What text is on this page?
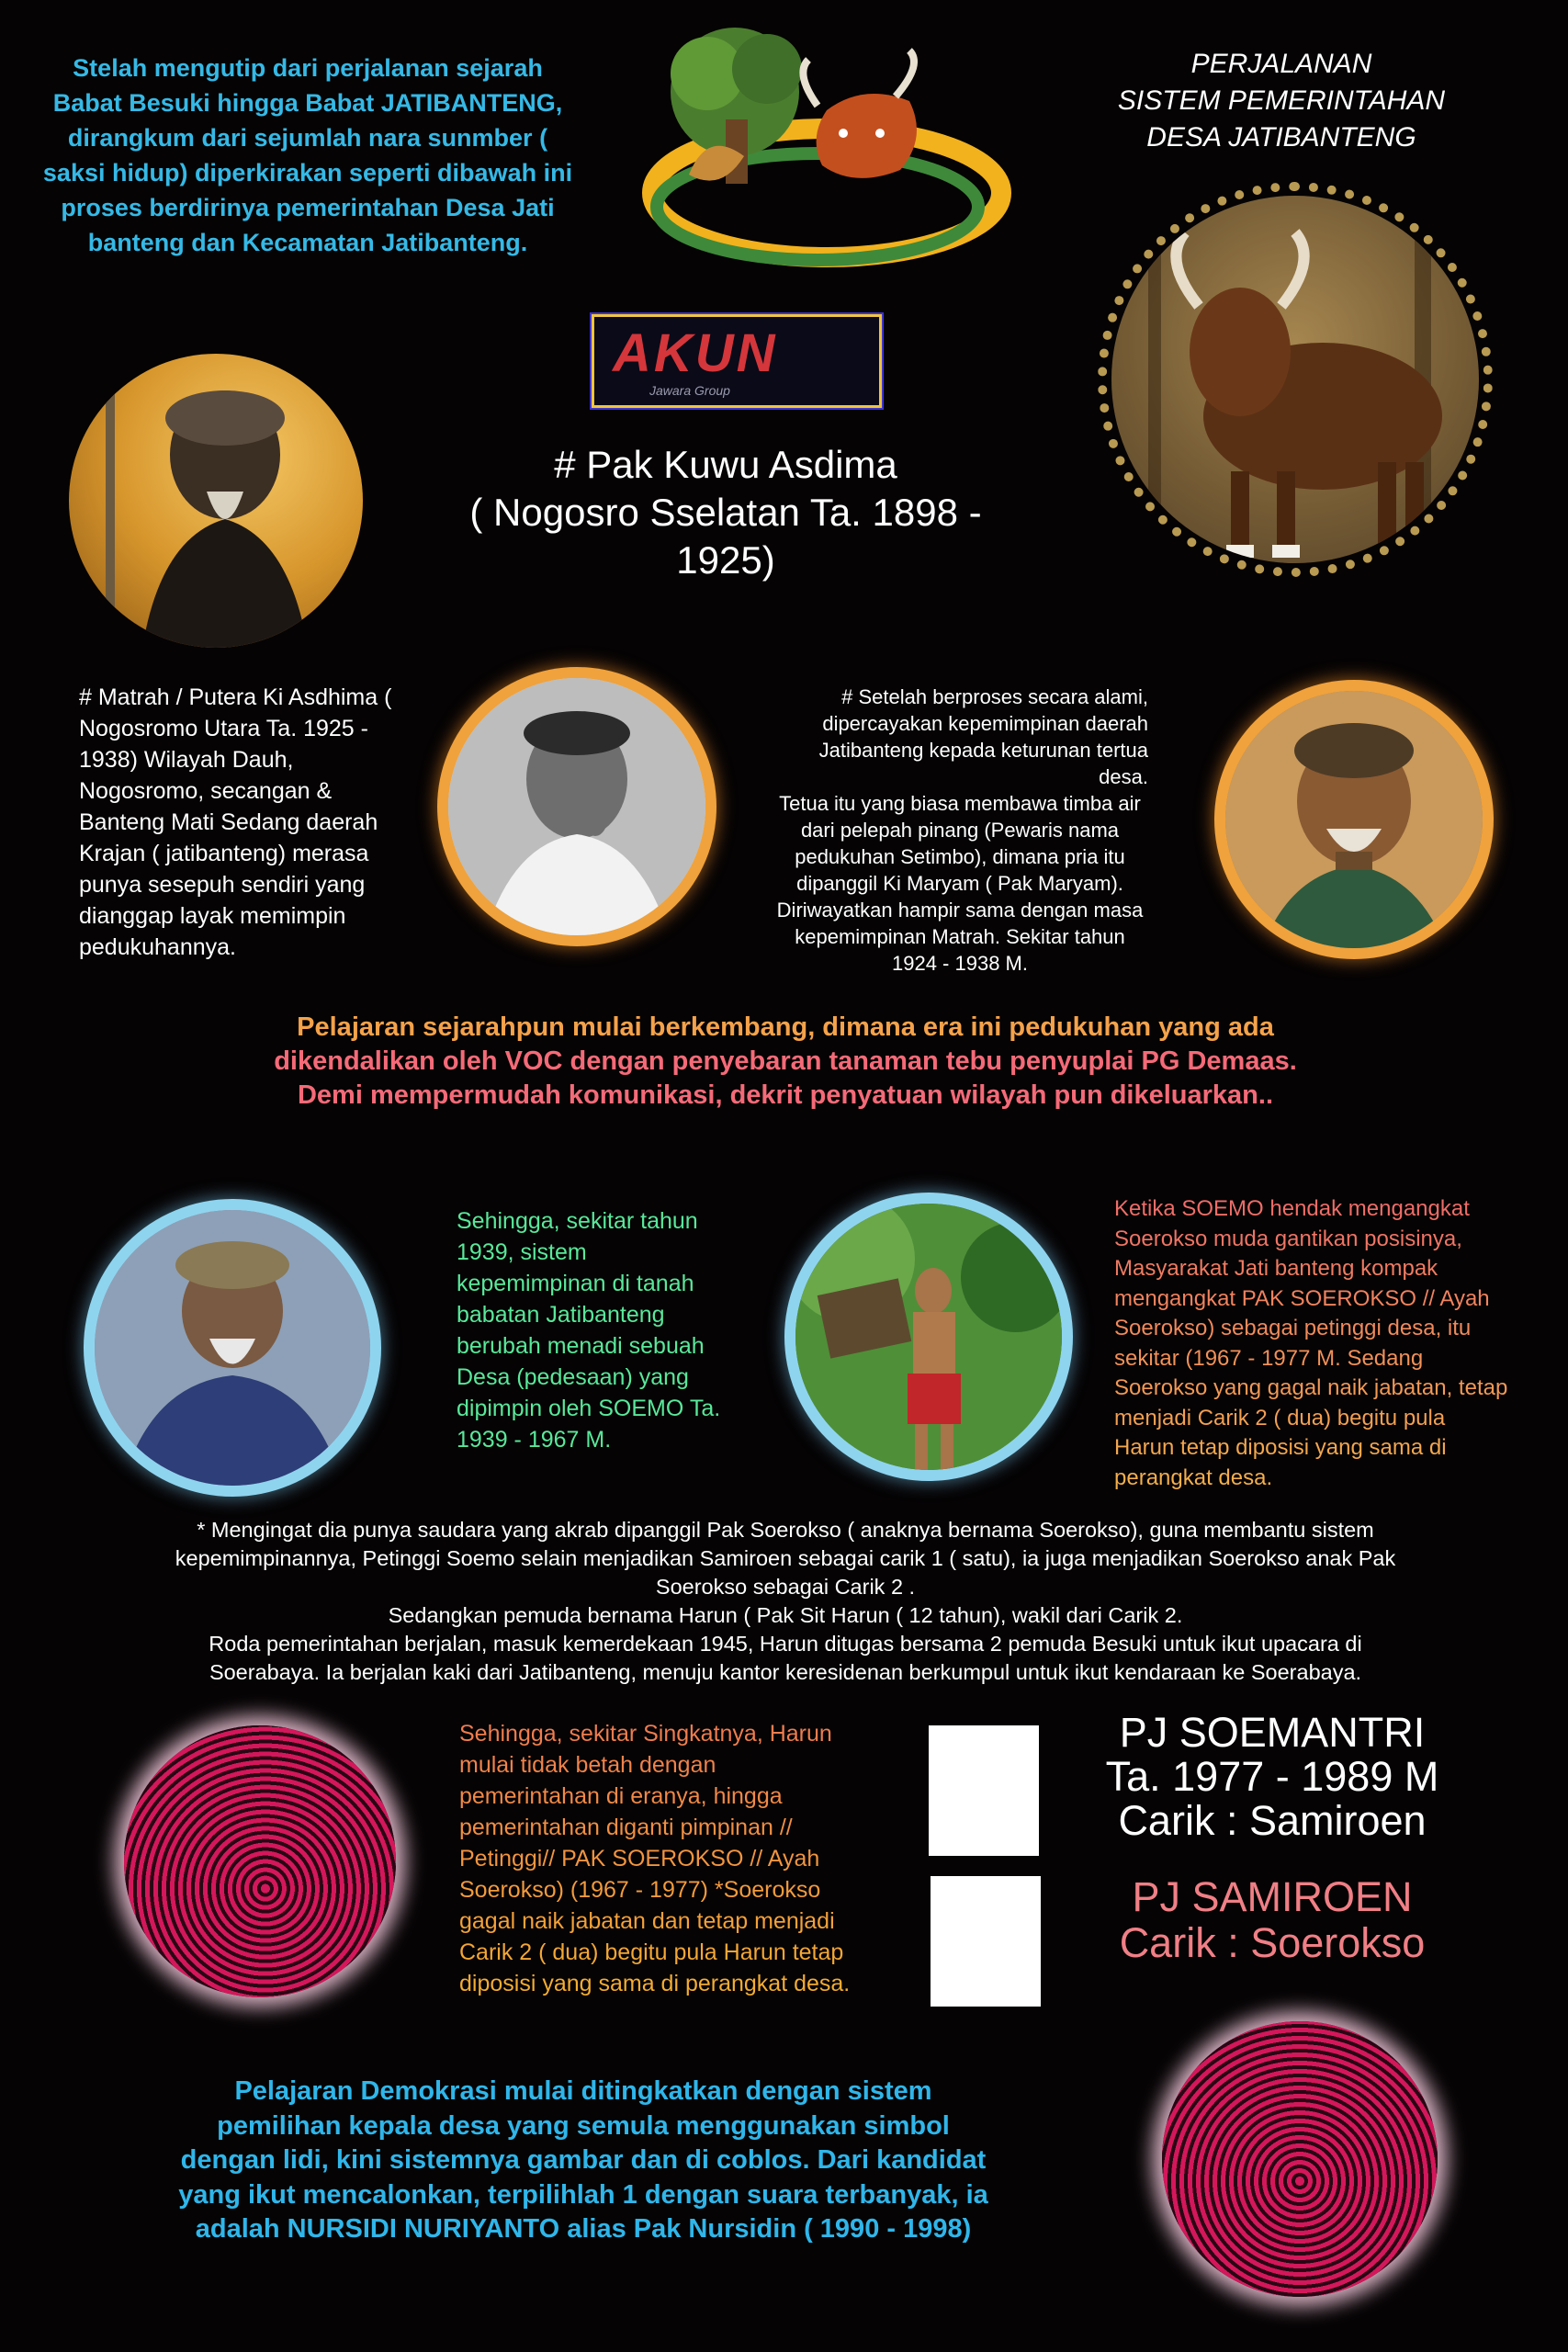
Stelah mengutip dari perjalanan sejarah Babat Besuki hingga Babat JATIBANTENG, dirangkum dari sejumlah nara sunmber ( saksi hidup) diperkirakan seperti dibawah ini proses berdirinya pemerintahan Desa Jati banteng dan Kecamatan Jatibanteng.

PERJALANAN

SISTEM PEMERINTAHAN

DESA JATIBANTENG

AKUN
Jawara Group

# Pak Kuwu Asdima

( Nogosro Sselatan Ta. 1898 -

1925)

# Matrah / Putera Ki Asdhima ( Nogosromo Utara Ta. 1925 - 1938) Wilayah Dauh, Nogosromo, secangan & Banteng Mati Sedang daerah Krajan ( jatibanteng) merasa punya sesepuh sendiri yang dianggap layak memimpin pedukuhannya.

# Setelah berproses secara alami, dipercayakan kepemimpinan daerah Jatibanteng kepada keturunan tertua desa.

Tetua itu yang biasa membawa timba air dari pelepah pinang (Pewaris nama pedukuhan Setimbo), dimana pria itu dipanggil Ki Maryam ( Pak Maryam). Diriwayatkan hampir sama dengan masa kepemimpinan Matrah. Sekitar tahun 1924 - 1938 M.

Pelajaran sejarahpun mulai berkembang, dimana era ini pedukuhan yang ada

dikendalikan oleh VOC dengan penyebaran tanaman tebu penyuplai PG Demaas.

Demi mempermudah komunikasi, dekrit penyatuan wilayah pun dikeluarkan..

Sehingga, sekitar tahun 1939, sistem kepemimpinan di tanah babatan Jatibanteng berubah menadi sebuah Desa (pedesaan) yang dipimpin oleh SOEMO Ta. 1939 - 1967 M.
Ketika SOEMO hendak mengangkat Soerokso muda gantikan posisinya, Masyarakat Jati banteng kompak mengangkat PAK SOEROKSO // Ayah Soerokso) sebagai petinggi desa, itu sekitar (1967 - 1977 M. Sedang Soerokso yang gagal naik jabatan, tetap menjadi Carik 2 ( dua) begitu pula Harun tetap diposisi yang sama di perangkat desa.

* Mengingat dia punya saudara yang akrab dipanggil Pak Soerokso ( anaknya bernama Soerokso), guna membantu sistem

kepemimpinannya, Petinggi Soemo selain menjadikan Samiroen sebagai carik 1 ( satu), ia juga menjadikan Soerokso anak Pak

Soerokso sebagai Carik 2 .

Sedangkan pemuda bernama Harun ( Pak Sit Harun ( 12 tahun), wakil dari Carik 2.

Roda pemerintahan berjalan, masuk kemerdekaan 1945, Harun ditugas bersama 2 pemuda Besuki untuk ikut upacara di

Soerabaya. Ia berjalan kaki dari Jatibanteng, menuju kantor keresidenan berkumpul untuk ikut kendaraan ke Soerabaya.

Sehingga, sekitar Singkatnya, Harun mulai tidak betah dengan pemerintahan di eranya, hingga pemerintahan diganti pimpinan // Petinggi// PAK SOEROKSO // Ayah Soerokso) (1967 - 1977) *Soerokso gagal naik jabatan dan tetap menjadi Carik 2 ( dua) begitu pula Harun tetap diposisi yang sama di perangkat desa.

PJ SOEMANTRI

Ta. 1977 - 1989 M

Carik : Samiroen

PJ SAMIROEN

Carik : Soerokso

Pelajaran Demokrasi mulai ditingkatkan dengan sistem pemilihan kepala desa yang semula menggunakan simbol dengan lidi, kini sistemnya gambar dan di coblos. Dari kandidat yang ikut mencalonkan, terpilihlah 1 dengan suara terbanyak, ia adalah NURSIDI NURIYANTO alias Pak Nursidin ( 1990 - 1998)
